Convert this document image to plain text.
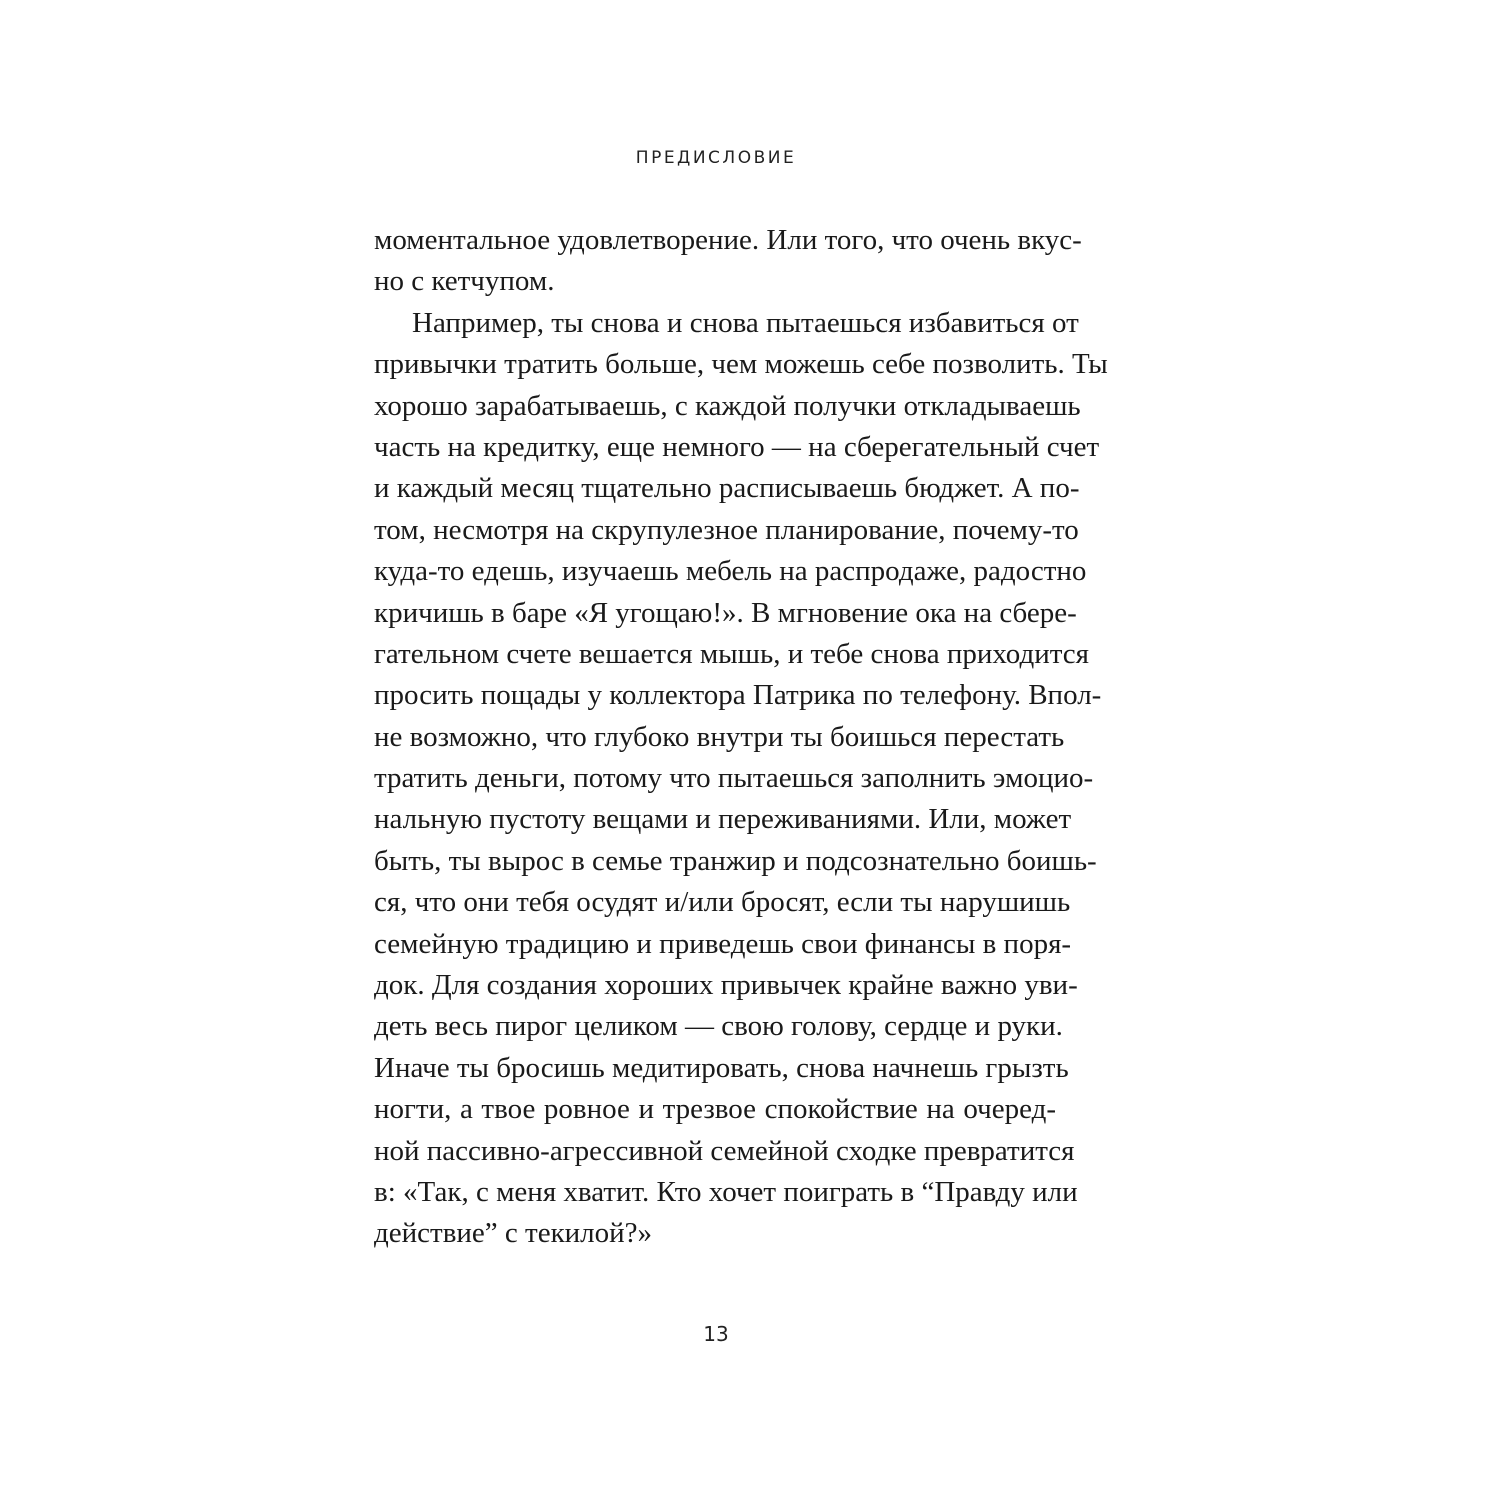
ПРЕДИСЛОВИЕ
моментальное удовлетворение. Или того, что очень вкус-
но с кетчупом.
Например, ты снова и снова пытаешься избавиться от
привычки тратить больше, чем можешь себе позволить. Ты
хорошо зарабатываешь, с каждой получки откладываешь
часть на кредитку, еще немного — на сберегательный счет
и каждый месяц тщательно расписываешь бюджет. А по-
том, несмотря на скрупулезное планирование, почему-то
куда-то едешь, изучаешь мебель на распродаже, радостно
кричишь в баре «Я угощаю!». В мгновение ока на сбере-
гательном счете вешается мышь, и тебе снова приходится
просить пощады у коллектора Патрика по телефону. Впол-
не возможно, что глубоко внутри ты боишься перестать
тратить деньги, потому что пытаешься заполнить эмоцио-
нальную пустоту вещами и переживаниями. Или, может
быть, ты вырос в семье транжир и подсознательно боишь-
ся, что они тебя осудят и/или бросят, если ты нарушишь
семейную традицию и приведешь свои финансы в поря-
док. Для создания хороших привычек крайне важно уви-
деть весь пирог целиком — свою голову, сердце и руки.
Иначе ты бросишь медитировать, снова начнешь грызть
ногти, а твое ровное и трезвое спокойствие на очеред-
ной пассивно-агрессивной семейной сходке превратится
в: «Так, с меня хватит. Кто хочет поиграть в “Правду или
действие” с текилой?»
13
